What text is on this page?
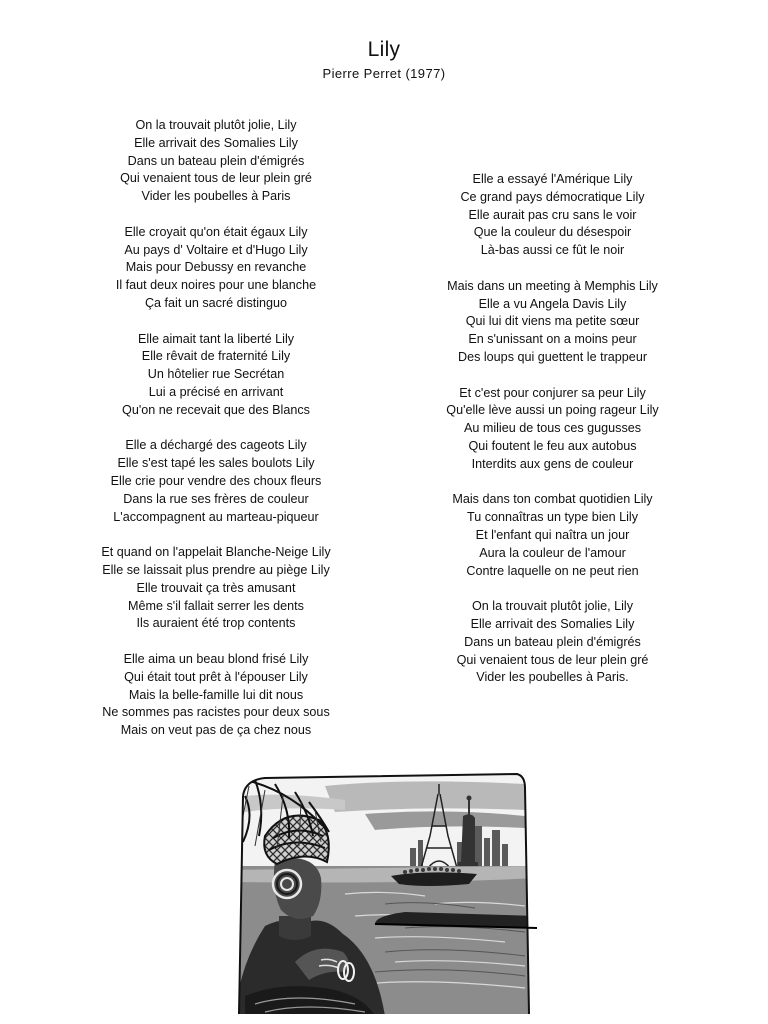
Lily
Pierre Perret (1977)
On la trouvait plutôt jolie, Lily
Elle arrivait des Somalies Lily
Dans un bateau plein d'émigrés
Qui venaient tous de leur plein gré
Vider les poubelles à Paris
Elle croyait qu'on était égaux Lily
Au pays d' Voltaire et d'Hugo Lily
Mais pour Debussy en revanche
Il faut deux noires pour une blanche
Ça fait un sacré distinguo
Elle aimait tant la liberté Lily
Elle rêvait de fraternité Lily
Un hôtelier rue Secrétan
Lui a précisé en arrivant
Qu'on ne recevait que des Blancs
Elle a déchargé des cageots Lily
Elle s'est tapé les sales boulots Lily
Elle crie pour vendre des choux fleurs
Dans la rue ses frères de couleur
L'accompagnent au marteau-piqueur
Et quand on l'appelait Blanche-Neige Lily
Elle se laissait plus prendre au piège Lily
Elle trouvait ça très amusant
Même s'il fallait serrer les dents
Ils auraient été trop contents
Elle aima un beau blond frisé Lily
Qui était tout prêt à l'épouser Lily
Mais la belle-famille lui dit nous
Ne sommes pas racistes pour deux sous
Mais on veut pas de ça chez nous
Elle a essayé l'Amérique Lily
Ce grand pays démocratique Lily
Elle aurait pas cru sans le voir
Que la couleur du désespoir
Là-bas aussi ce fût le noir
Mais dans un meeting à Memphis Lily
Elle a vu Angela Davis Lily
Qui lui dit viens ma petite sœur
En s'unissant on a moins peur
Des loups qui guettent le trappeur
Et c'est pour conjurer sa peur Lily
Qu'elle lève aussi un poing rageur Lily
Au milieu de tous ces gugusses
Qui foutent le feu aux autobus
Interdits aux gens de couleur
Mais dans ton combat quotidien Lily
Tu connaîtras un type bien Lily
Et l'enfant qui naîtra un jour
Aura la couleur de l'amour
Contre laquelle on ne peut rien
On la trouvait plutôt jolie, Lily
Elle arrivait des Somalies Lily
Dans un bateau plein d'émigrés
Qui venaient tous de leur plein gré
Vider les poubelles à Paris.
